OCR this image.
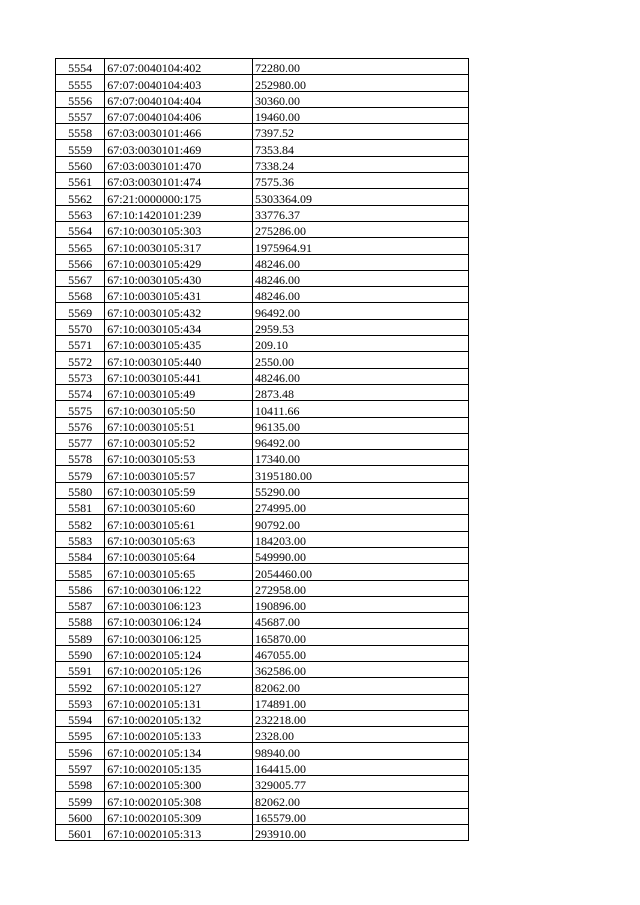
5554	67:07:0040104:402	72280.00
5555	67:07:0040104:403	252980.00
5556	67:07:0040104:404	30360.00
5557	67:07:0040104:406	19460.00
5558	67:03:0030101:466	7397.52
5559	67:03:0030101:469	7353.84
5560	67:03:0030101:470	7338.24
5561	67:03:0030101:474	7575.36
5562	67:21:0000000:175	5303364.09
5563	67:10:1420101:239	33776.37
5564	67:10:0030105:303	275286.00
5565	67:10:0030105:317	1975964.91
5566	67:10:0030105:429	48246.00
5567	67:10:0030105:430	48246.00
5568	67:10:0030105:431	48246.00
5569	67:10:0030105:432	96492.00
5570	67:10:0030105:434	2959.53
5571	67:10:0030105:435	209.10
5572	67:10:0030105:440	2550.00
5573	67:10:0030105:441	48246.00
5574	67:10:0030105:49	2873.48
5575	67:10:0030105:50	10411.66
5576	67:10:0030105:51	96135.00
5577	67:10:0030105:52	96492.00
5578	67:10:0030105:53	17340.00
5579	67:10:0030105:57	3195180.00
5580	67:10:0030105:59	55290.00
5581	67:10:0030105:60	274995.00
5582	67:10:0030105:61	90792.00
5583	67:10:0030105:63	184203.00
5584	67:10:0030105:64	549990.00
5585	67:10:0030105:65	2054460.00
5586	67:10:0030106:122	272958.00
5587	67:10:0030106:123	190896.00
5588	67:10:0030106:124	45687.00
5589	67:10:0030106:125	165870.00
5590	67:10:0020105:124	467055.00
5591	67:10:0020105:126	362586.00
5592	67:10:0020105:127	82062.00
5593	67:10:0020105:131	174891.00
5594	67:10:0020105:132	232218.00
5595	67:10:0020105:133	2328.00
5596	67:10:0020105:134	98940.00
5597	67:10:0020105:135	164415.00
5598	67:10:0020105:300	329005.77
5599	67:10:0020105:308	82062.00
5600	67:10:0020105:309	165579.00
5601	67:10:0020105:313	293910.00
